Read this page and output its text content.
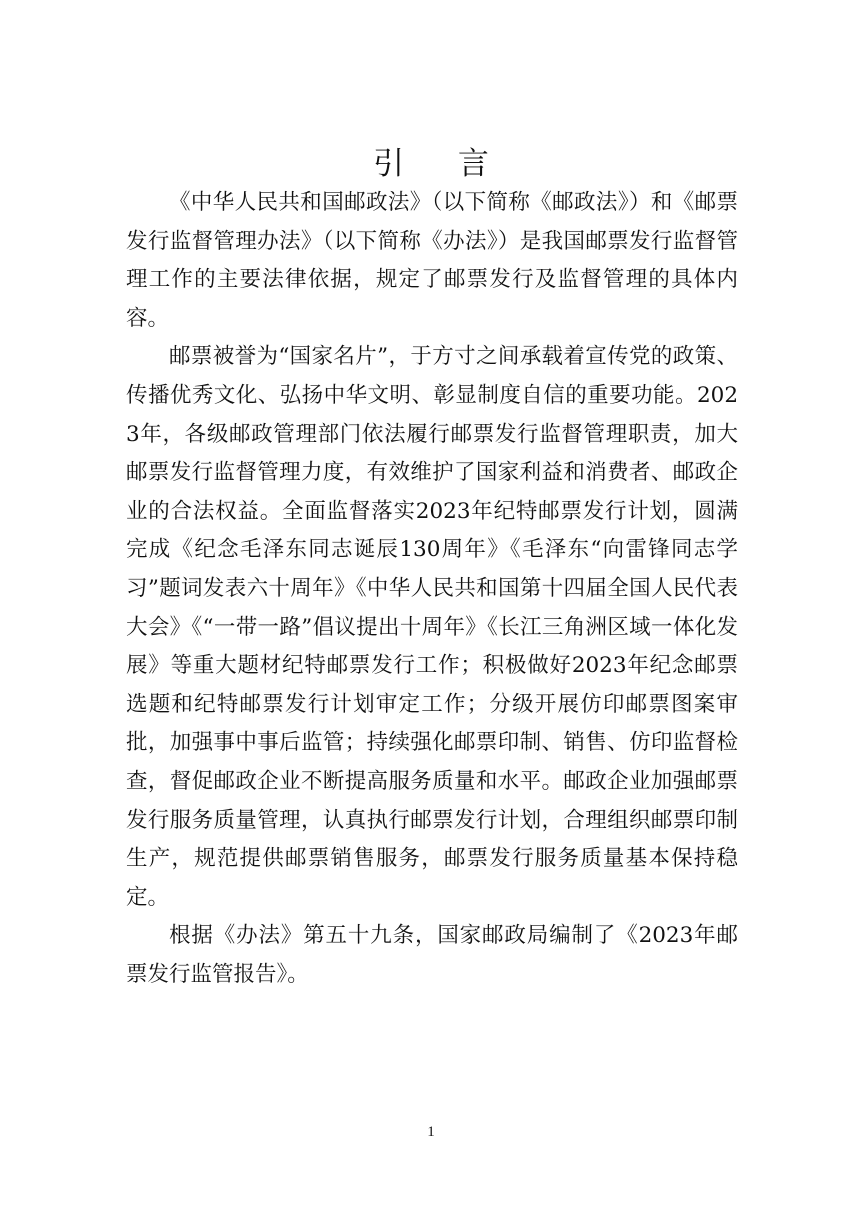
引 言

《中华人民共和国邮政法》（以下简称《邮政法》）和《邮票发行监督管理办法》（以下简称《办法》）是我国邮票发行监督管理工作的主要法律依据，规定了邮票发行及监督管理的具体内容。

邮票被誉为“国家名片”，于方寸之间承载着宣传党的政策、传播优秀文化、弘扬中华文明、彰显制度自信的重要功能。2023年，各级邮政管理部门依法履行邮票发行监督管理职责，加大邮票发行监督管理力度，有效维护了国家利益和消费者、邮政企业的合法权益。全面监督落实2023年纪特邮票发行计划，圆满完成《纪念毛泽东同志诞辰130周年》《毛泽东“向雷锋同志学习”题词发表六十周年》《中华人民共和国第十四届全国人民代表大会》《“一带一路”倡议提出十周年》《长江三角洲区域一体化发展》等重大题材纪特邮票发行工作；积极做好2023年纪念邮票选题和纪特邮票发行计划审定工作；分级开展仿印邮票图案审批，加强事中事后监管；持续强化邮票印制、销售、仿印监督检查，督促邮政企业不断提高服务质量和水平。邮政企业加强邮票发行服务质量管理，认真执行邮票发行计划，合理组织邮票印制生产，规范提供邮票销售服务，邮票发行服务质量基本保持稳定。

根据《办法》第五十九条，国家邮政局编制了《2023年邮票发行监管报告》。

1
